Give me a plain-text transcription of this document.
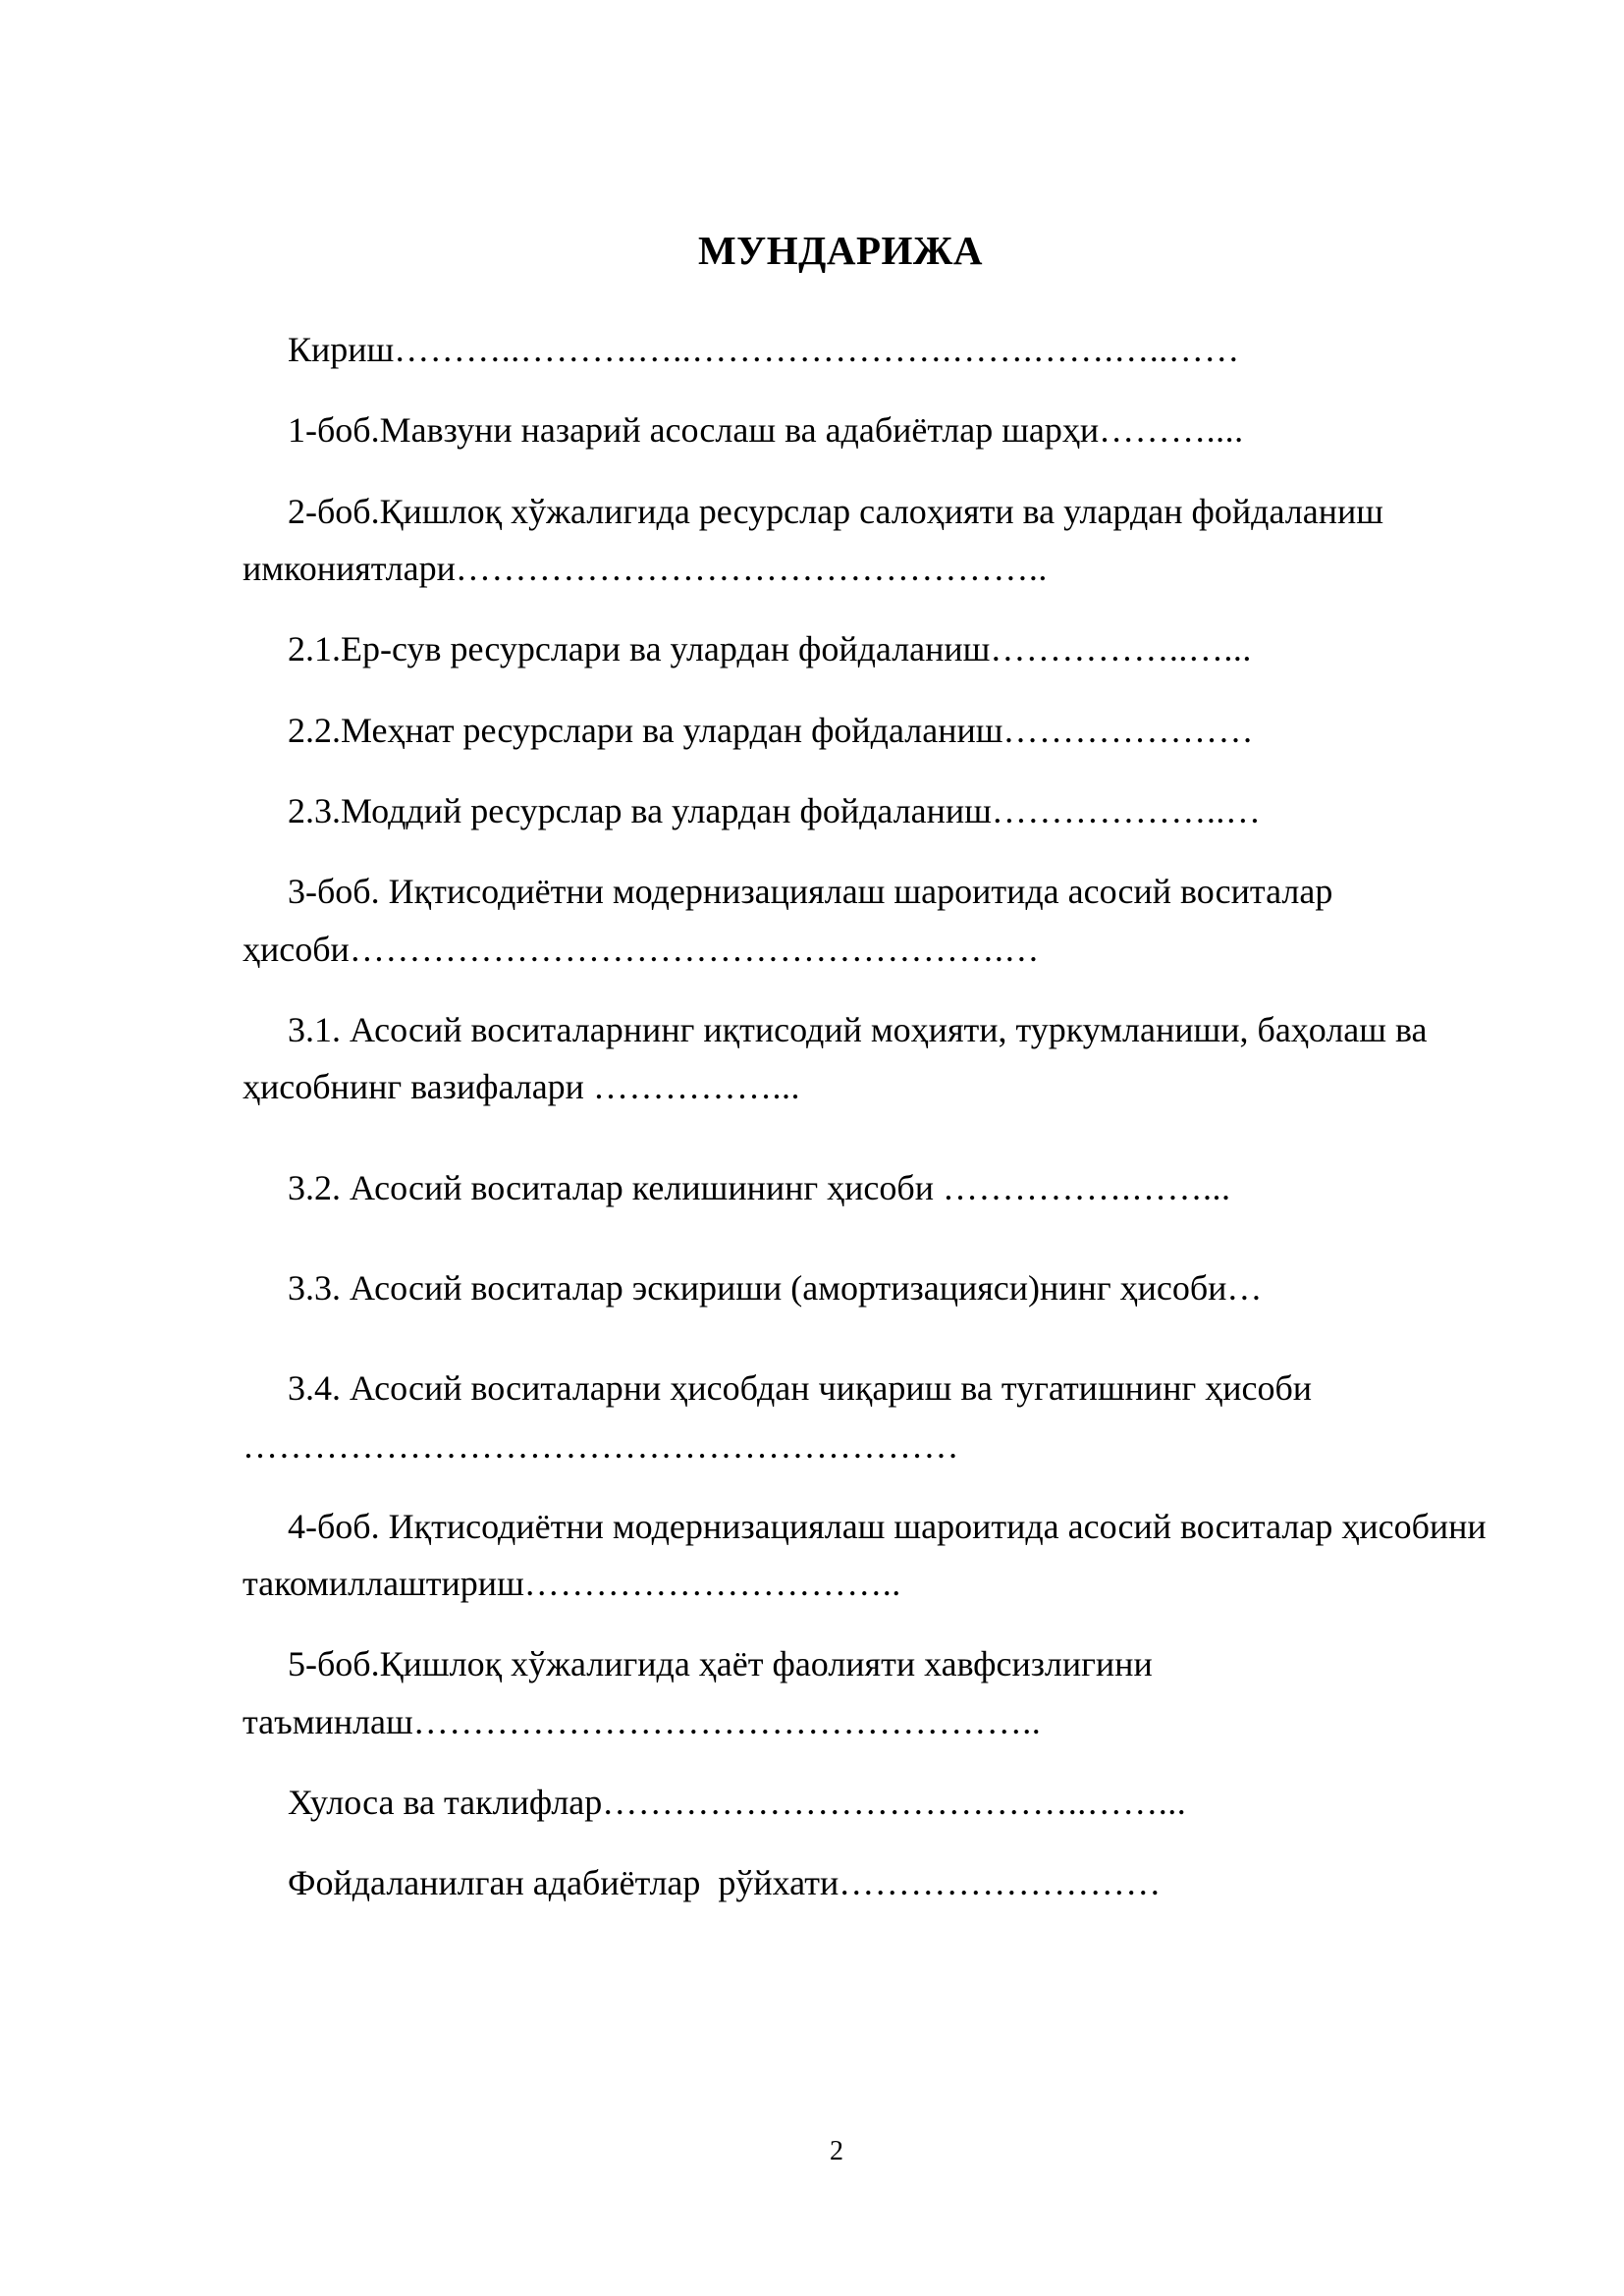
МУНДАРИЖА

Кириш………..……….…..………………….…….…….…..……

1-боб.Мавзуни назарий асослаш ва адабиётлар шарҳи………....

2-боб.Қишлоқ хўжалигида ресурслар салоҳияти ва улардан фойдаланиш имкониятлари…………………………………………..

2.1.Ер-сув ресурслари ва улардан фойдаланиш……………..…...

2.2.Меҳнат ресурслари ва улардан фойдаланиш…………………

2.3.Моддий ресурслар ва улардан фойдаланиш………………..…

3-боб. Иқтисодиётни модернизациялаш шароитида асосий воситалар ҳисоби……………………………………………….…

3.1. Асосий воситаларнинг иқтисодий моҳияти, туркумланиши, баҳолаш ва ҳисобнинг вазифалари ……………...

3.2. Асосий воситалар келишининг ҳисоби …………….……...

3.3. Асосий воситалар эскириши (амортизацияси)нинг ҳисоби…

3.4. Асосий воситаларни ҳисобдан чиқариш ва тугатишнинг ҳисоби ……………………………………………………

4-боб. Иқтисодиётни модернизациялаш шароитида асосий воситалар ҳисобини такомиллаштириш…………………………..

5-боб.Қишлоқ хўжалигида ҳаёт фаолияти хавфсизлигини таъминлаш……………………………………………..

Хулоса ва таклифлар…………………………………..……...

Фойдаланилган адабиётлар  рўйхати………………………

2
